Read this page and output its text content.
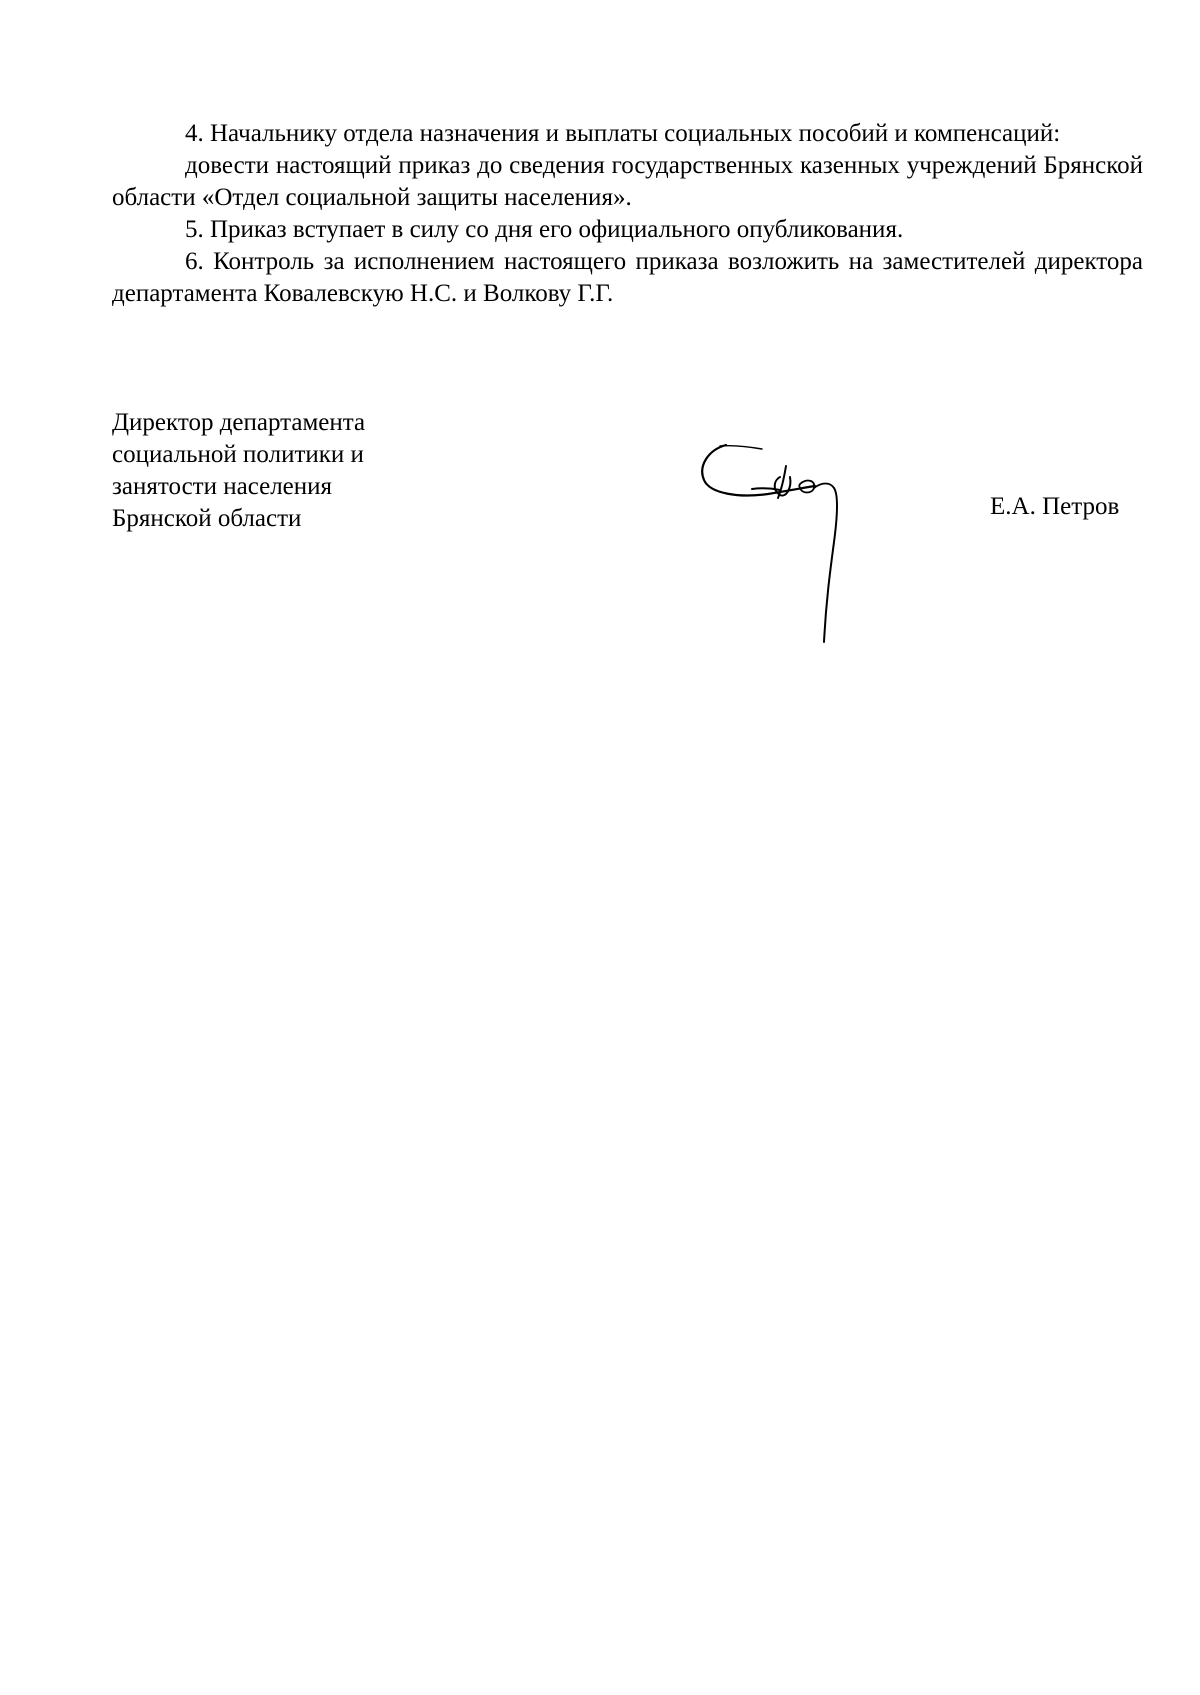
4. Начальнику отдела назначения и выплаты социальных пособий и компенсаций:

довести настоящий приказ до сведения государственных казенных учреждений Брянской области «Отдел социальной защиты населения».

5. Приказ вступает в силу со дня его официального опубликования.

6. Контроль за исполнением настоящего приказа возложить на заместителей директора департамента Ковалевскую Н.С. и Волкову Г.Г.

Директор департамента
социальной политики и
занятости населения
Брянской области	Е.А. Петров
